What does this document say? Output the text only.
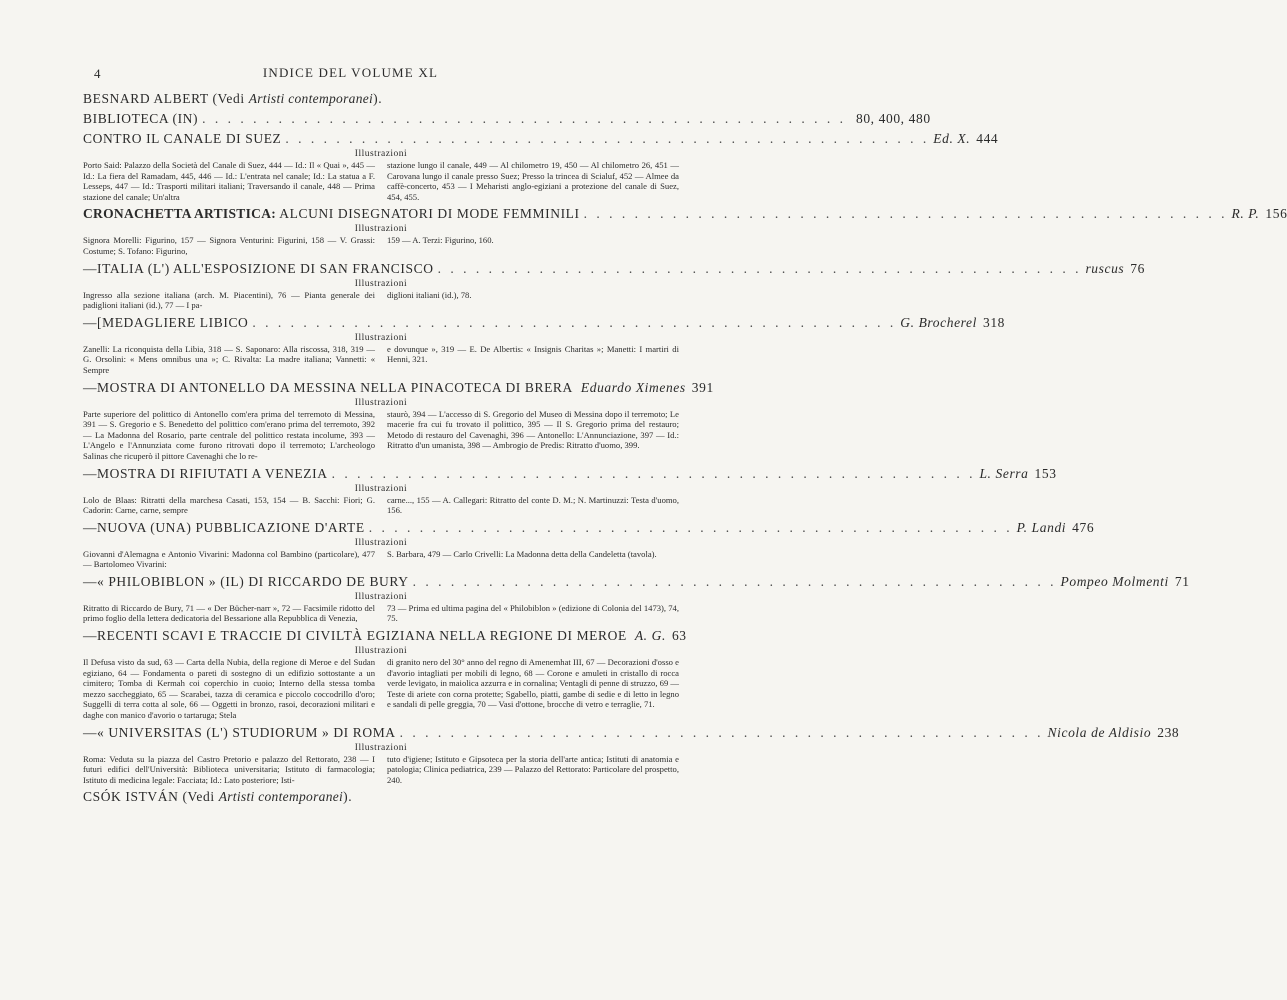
4	INDICE DEL VOLUME XL
BESNARD ALBERT (Vedi Artisti contemporanei).
BIBLIOTECA (IN) . . . . . . . . . . . . . . . . . . . . . . . . . . . . . . . . . . . . . . . . . . . . . . . . . . . 80, 400, 480
CONTRO IL CANALE DI SUEZ . . . . . . . . . . . . . . . . . . . . . . . . . . . . . . . . . . . . . . . . . . . . . . . . . . . Ed. X. 444
Illustrazioni
Porto Said: Palazzo della Società del Canale di Suez, 444 — Id.: Il « Quai », 445 — Id.: La fiera del Ramadam, 445, 446 — Id.: L'entrata nel canale; Id.: La statua a F. Lesseps, 447 — Id.: Trasporti militari italiani; Traversando il canale, 448 — Prima stazione del canale; Un'altra
stazione lungo il canale, 449 — Al chilometro 19, 450 — Al chilometro 26, 451 — Carovana lungo il canale presso Suez; Presso la trincea di Scialuf, 452 — Almee da caffè-concerto, 453 — I Meharisti anglo-egiziani a protezione del canale di Suez, 454, 455.
CRONACHETTA ARTISTICA: ALCUNI DISEGNATORI DI MODE FEMMINILI . . . . . . . . . . . . . . . . . . . . . . . . . . . . . . . . . . . . . . . . . . . . . . . . . . . R. P. 156
Illustrazioni
Signora Morelli: Figurino, 157 — Signora Venturini: Figurini, 158 — V. Grassi: Costume; S. Tofano: Figurino,
159 — A. Terzi: Figurino, 160.
— ITALIA (L') ALL'ESPOSIZIONE DI SAN FRANCISCO . . . . . . . . . . . . . . . . . . . . . . . . . . . . . . . . . . . . . . . . . . . . . . . . . . . ruscus 76
Illustrazioni
Ingresso alla sezione italiana (arch. M. Piacentini), 76 — Pianta generale dei padiglioni italiani (id.), 77 — I pa-
diglioni italiani (id.), 78.
— [MEDAGLIERE LIBICO . . . . . . . . . . . . . . . . . . . . . . . . . . . . . . . . . . . . . . . . . . . . . . . . . . . G. Brocherel 318
Illustrazioni
Zanelli: La riconquista della Libia, 318 — S. Saponaro: Alla riscossa, 318, 319 — G. Orsolini: « Mens omnibus una »; C. Rivalta: La madre italiana; Vannetti: « Sempre
e dovunque », 319 — E. De Albertis: « Insignis Charitas »; Manetti: I martiri di Henni, 321.
— MOSTRA DI ANTONELLO DA MESSINA NELLA PINACOTECA DI BRERA Eduardo Ximenes 391
Illustrazioni
Parte superiore del polittico di Antonello com'era prima del terremoto di Messina, 391 — S. Gregorio e S. Benedetto del polittico com'erano prima del terremoto, 392 — La Madonna del Rosario, parte centrale del polittico restata incolume, 393 — L'Angelo e l'Annunziata come furono ritrovati dopo il terremoto; L'archeologo Salinas che ricuperò il pittore Cavenaghi che lo re-
staurò, 394 — L'accesso di S. Gregorio del Museo di Messina dopo il terremoto; Le macerie fra cui fu trovato il polittico, 395 — Il S. Gregorio prima del restauro; Metodo di restauro del Cavenaghi, 396 — Antonello: L'Annunciazione, 397 — Id.: Ritratto d'un umanista, 398 — Ambrogio de Predis: Ritratto d'uomo, 399.
— MOSTRA DI RIFIUTATI A VENEZIA . . . . . . . . . . . . . . . . . . . . . . . . . . . . . . . . . . . . . . . . . . . . . . . . . . . L. Serra 153
Illustrazioni
Lolo de Blaas: Ritratti della marchesa Casati, 153, 154 — B. Sacchi: Fiori; G. Cadorin: Carne, carne, sempre
carne..., 155 — A. Callegari: Ritratto del conte D. M.; N. Martinuzzi: Testa d'uomo, 156.
— NUOVA (UNA) PUBBLICAZIONE D'ARTE . . . . . . . . . . . . . . . . . . . . . . . . . . . . . . . . . . . . . . . . . . . . . . . . . . . P. Landi 476
Illustrazioni
Giovanni d'Alemagna e Antonio Vivarini: Madonna col Bambino (particolare), 477 — Bartolomeo Vivarini:
S. Barbara, 479 — Carlo Crivelli: La Madonna detta della Candeletta (tavola).
— « PHILOBIBLON » (IL) DI RICCARDO DE BURY . . . . . . . . . . . . . . . . . . . . . . . . . . . . . . . . . . . . . . . . . . . . . . . . . . . Pompeo Molmenti 71
Illustrazioni
Ritratto di Riccardo de Bury, 71 — « Der Bücher-narr », 72 — Facsimile ridotto del primo foglio della lettera dedicatoria del Bessarione alla Repubblica di Venezia,
73 — Prima ed ultima pagina del « Philobiblon » (edizione di Colonia del 1473), 74, 75.
— RECENTI SCAVI E TRACCIE DI CIVILTÀ EGIZIANA NELLA REGIONE DI MEROE A. G. 63
Illustrazioni
Il Defusa visto da sud, 63 — Carta della Nubia, della regione di Meroe e del Sudan egiziano, 64 — Fondamenta o pareti di sostegno di un edifizio sottostante a un cimitero; Tomba di Kermah coi coperchio in cuoio; Interno della stessa tomba mezzo saccheggiato, 65 — Scarabei, tazza di ceramica e piccolo coccodrillo d'oro; Suggelli di terra cotta al sole, 66 — Oggetti in bronzo, rasoi, decorazioni militari e daghe con manico d'avorio o tartaruga; Stela
di granito nero del 30° anno del regno di Amenemhat III, 67 — Decorazioni d'osso e d'avorio intagliati per mobili di legno, 68 — Corone e amuleti in cristallo di rocca verde levigato, in maiolica azzurra e in cornalina; Ventagli di penne di struzzo, 69 — Teste di ariete con corna protette; Sgabello, piatti, gambe di sedie e di letto in legno e sandali di pelle greggia, 70 — Vasi d'ottone, brocche di vetro e terraglie, 71.
— « UNIVERSITAS (L') STUDIORUM » DI ROMA . . . . . . . . . . . . . . . . . . . . . . . . . . . . . . . . . . . . . . . . . . . . . . . . . . . Nicola de Aldisio 238
Illustrazioni
Roma: Veduta su la piazza del Castro Pretorio e palazzo del Rettorato, 238 — I futuri edifici dell'Università: Biblioteca universitaria; Istituto di farmacologia; Istituto di medicina legale: Facciata; Id.: Lato posteriore; Isti-
tuto d'igiene; Istituto e Gipsoteca per la storia dell'arte antica; Istituti di anatomia e patologia; Clinica pediatrica, 239 — Palazzo del Rettorato: Particolare del prospetto, 240.
CSÓK ISTVÁN (Vedi Artisti contemporanei).
